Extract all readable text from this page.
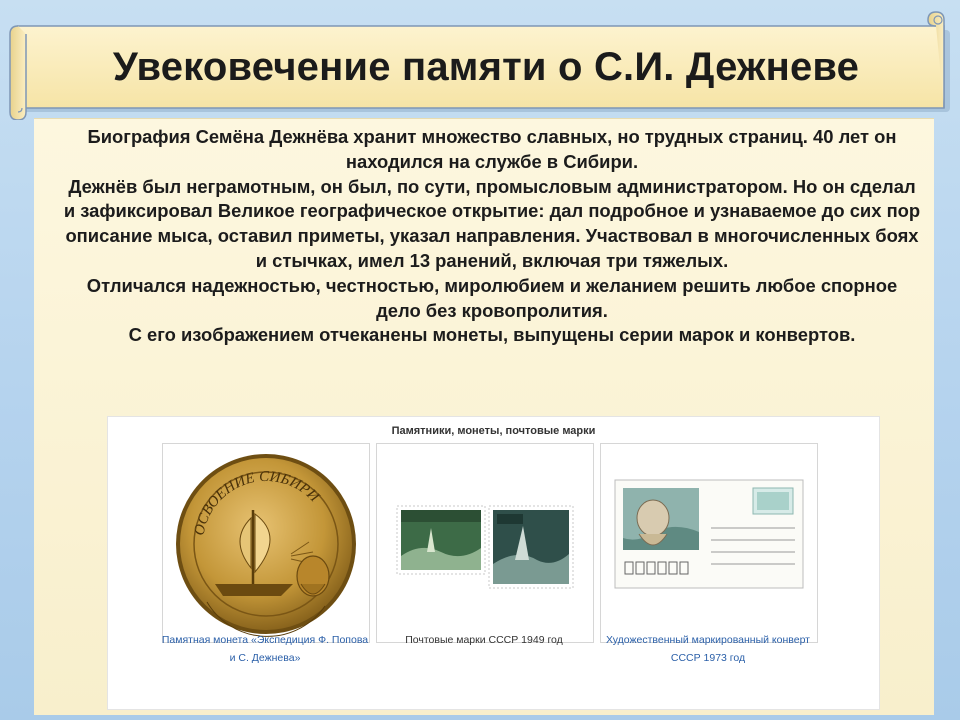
Увековечение памяти о С.И. Дежневе

Биография Семёна Дежнёва хранит множество славных, но трудных страниц. 40 лет он находился на службе в Сибири.

Дежнёв был неграмотным, он был, по сути, промысловым администратором. Но он сделал и зафиксировал Великое географическое открытие: дал подробное и узнаваемое до сих пор описание мыса, оставил приметы, указал направления. Участвовал в многочисленных боях и стычках, имел 13 ранений, включая три тяжелых.

Отличался надежностью, честностью, миролюбием и желанием решить любое спорное дело без кровопролития.

С его изображением отчеканены монеты, выпущены серии марок и конвертов.

Памятники, монеты, почтовые марки
ОСВОЕНИЕ СИБИРИ
Памятная монета «Экспедиция Ф. Попова и С. Дежнева»
Почтовые марки СССР 1949 год	Художественный маркированный конверт СССР 1973 год
